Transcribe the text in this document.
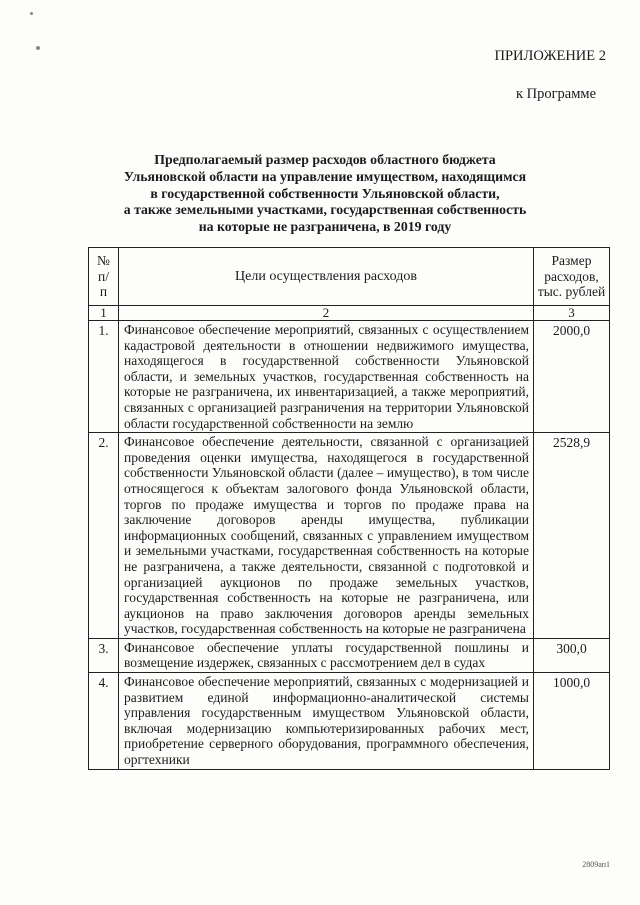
ПРИЛОЖЕНИЕ 2
к Программе
Предполагаемый размер расходов областного бюджета
Ульяновской области на управление имуществом, находящимся
в государственной собственности Ульяновской области,
а также земельными участками, государственная собственность
на которые не разграничена, в 2019 году
№ п/п	Цели осуществления расходов	Размер расходов, тыс. рублей
1	2	3
1.	Финансовое обеспечение мероприятий, связанных с осуществлением кадастровой деятельности в отношении недвижимого имущества, находящегося в государственной собственности Ульяновской области, и земельных участков, государственная собственность на которые не разграничена, их инвентаризацией, а также мероприятий, связанных с организацией разграничения на территории Ульяновской области государственной собственности на землю	2000,0
2.	Финансовое обеспечение деятельности, связанной с организацией проведения оценки имущества, находящегося в государственной собственности Ульяновской области (далее – имущество), в том числе относящегося к объектам залогового фонда Ульяновской области, торгов по продаже имущества и торгов по продаже права на заключение договоров аренды имущества, публикации информационных сообщений, связанных с управлением имуществом и земельными участками, государственная собственность на которые не разграничена, а также деятельности, связанной с подготовкой и организацией аукционов по продаже земельных участков, государственная собственность на которые не разграничена, или аукционов на право заключения договоров аренды земельных участков, государственная собственность на которые не разграничена	2528,9
3.	Финансовое обеспечение уплаты государственной пошлины и возмещение издержек, связанных с рассмотрением дел в судах	300,0
4.	Финансовое обеспечение мероприятий, связанных с модернизацией и развитием единой информационно-аналитической системы управления государственным имуществом Ульяновской области, включая модернизацию компьютеризированных рабочих мест, приобретение серверного оборудования, программного обеспечения, оргтехники	1000,0
2809ап1
